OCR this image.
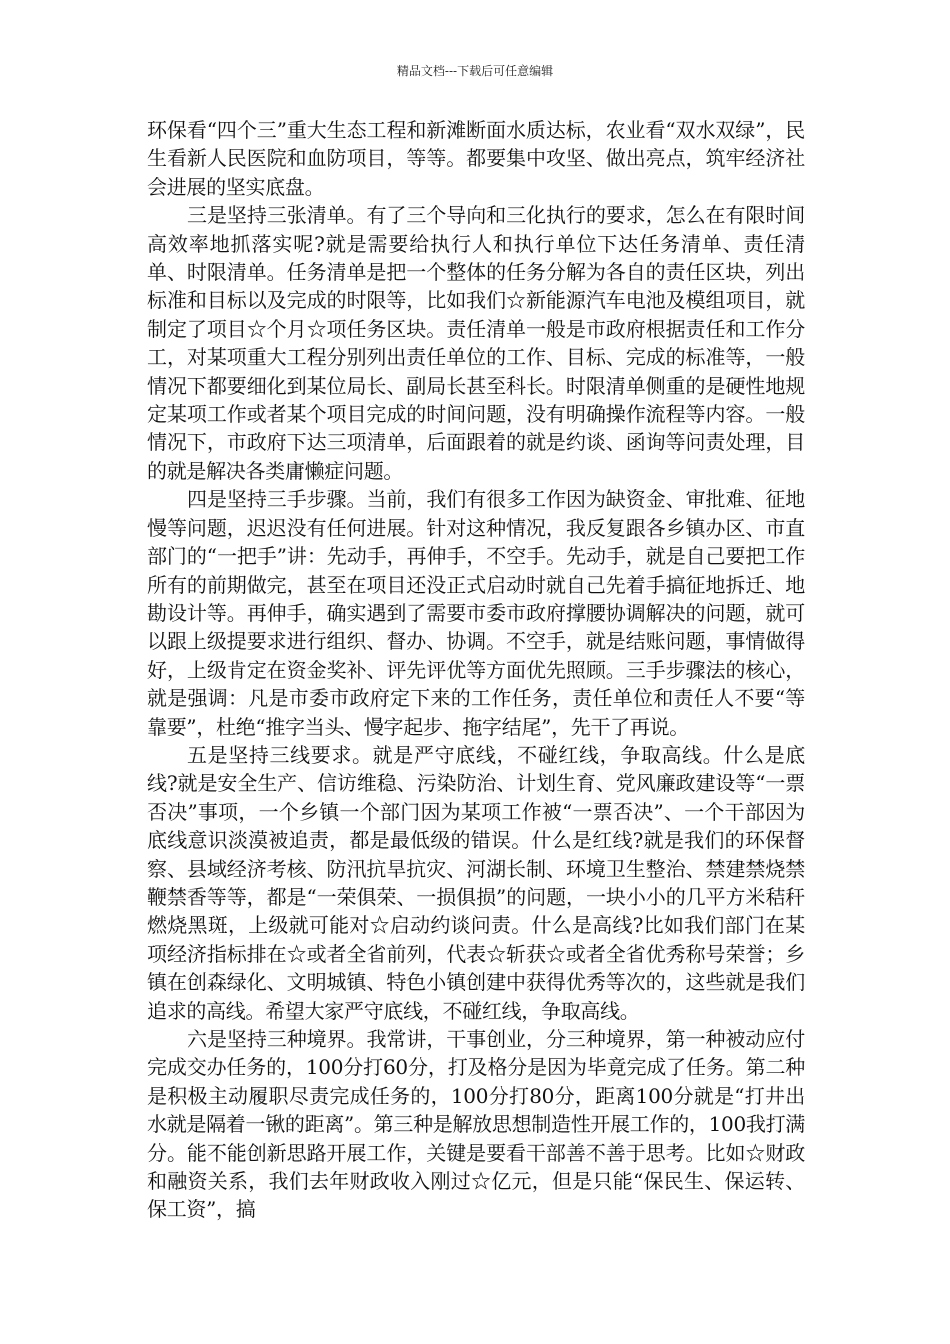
精品文档---下载后可任意编辑

环保看“四个三”重大生态工程和新滩断面水质达标，农业看“双水双绿”，民生看新人民医院和血防项目，等等。都要集中攻坚、做出亮点，筑牢经济社会进展的坚实底盘。

三是坚持三张清单。有了三个导向和三化执行的要求，怎么在有限时间高效率地抓落实呢?就是需要给执行人和执行单位下达任务清单、责任清单、时限清单。任务清单是把一个整体的任务分解为各自的责任区块，列出标准和目标以及完成的时限等，比如我们☆新能源汽车电池及模组项目，就制定了项目☆个月☆项任务区块。责任清单一般是市政府根据责任和工作分工，对某项重大工程分别列出责任单位的工作、目标、完成的标准等，一般情况下都要细化到某位局长、副局长甚至科长。时限清单侧重的是硬性地规定某项工作或者某个项目完成的时间问题，没有明确操作流程等内容。一般情况下，市政府下达三项清单，后面跟着的就是约谈、函询等问责处理，目的就是解决各类庸懒症问题。

四是坚持三手步骤。当前，我们有很多工作因为缺资金、审批难、征地慢等问题，迟迟没有任何进展。针对这种情况，我反复跟各乡镇办区、市直部门的“一把手”讲：先动手，再伸手，不空手。先动手，就是自己要把工作所有的前期做完，甚至在项目还没正式启动时就自己先着手搞征地拆迁、地勘设计等。再伸手，确实遇到了需要市委市政府撑腰协调解决的问题，就可以跟上级提要求进行组织、督办、协调。不空手，就是结账问题，事情做得好，上级肯定在资金奖补、评先评优等方面优先照顾。三手步骤法的核心，就是强调：凡是市委市政府定下来的工作任务，责任单位和责任人不要“等靠要”，杜绝“推字当头、慢字起步、拖字结尾”，先干了再说。

五是坚持三线要求。就是严守底线，不碰红线，争取高线。什么是底线?就是安全生产、信访维稳、污染防治、计划生育、党风廉政建设等“一票否决”事项，一个乡镇一个部门因为某项工作被“一票否决”、一个干部因为底线意识淡漠被追责，都是最低级的错误。什么是红线?就是我们的环保督察、县域经济考核、防汛抗旱抗灾、河湖长制、环境卫生整治、禁建禁烧禁鞭禁香等等，都是“一荣俱荣、一损俱损”的问题，一块小小的几平方米秸秆燃烧黑斑，上级就可能对☆启动约谈问责。什么是高线?比如我们部门在某项经济指标排在☆或者全省前列，代表☆斩获☆或者全省优秀称号荣誉；乡镇在创森绿化、文明城镇、特色小镇创建中获得优秀等次的，这些就是我们追求的高线。希望大家严守底线，不碰红线，争取高线。

六是坚持三种境界。我常讲，干事创业，分三种境界，第一种被动应付完成交办任务的，100分打60分，打及格分是因为毕竟完成了任务。第二种是积极主动履职尽责完成任务的，100分打80分，距离100分就是“打井出水就是隔着一锹的距离”。第三种是解放思想制造性开展工作的，100我打满分。能不能创新思路开展工作，关键是要看干部善不善于思考。比如☆财政和融资关系，我们去年财政收入刚过☆亿元，但是只能“保民生、保运转、保工资”，搞
